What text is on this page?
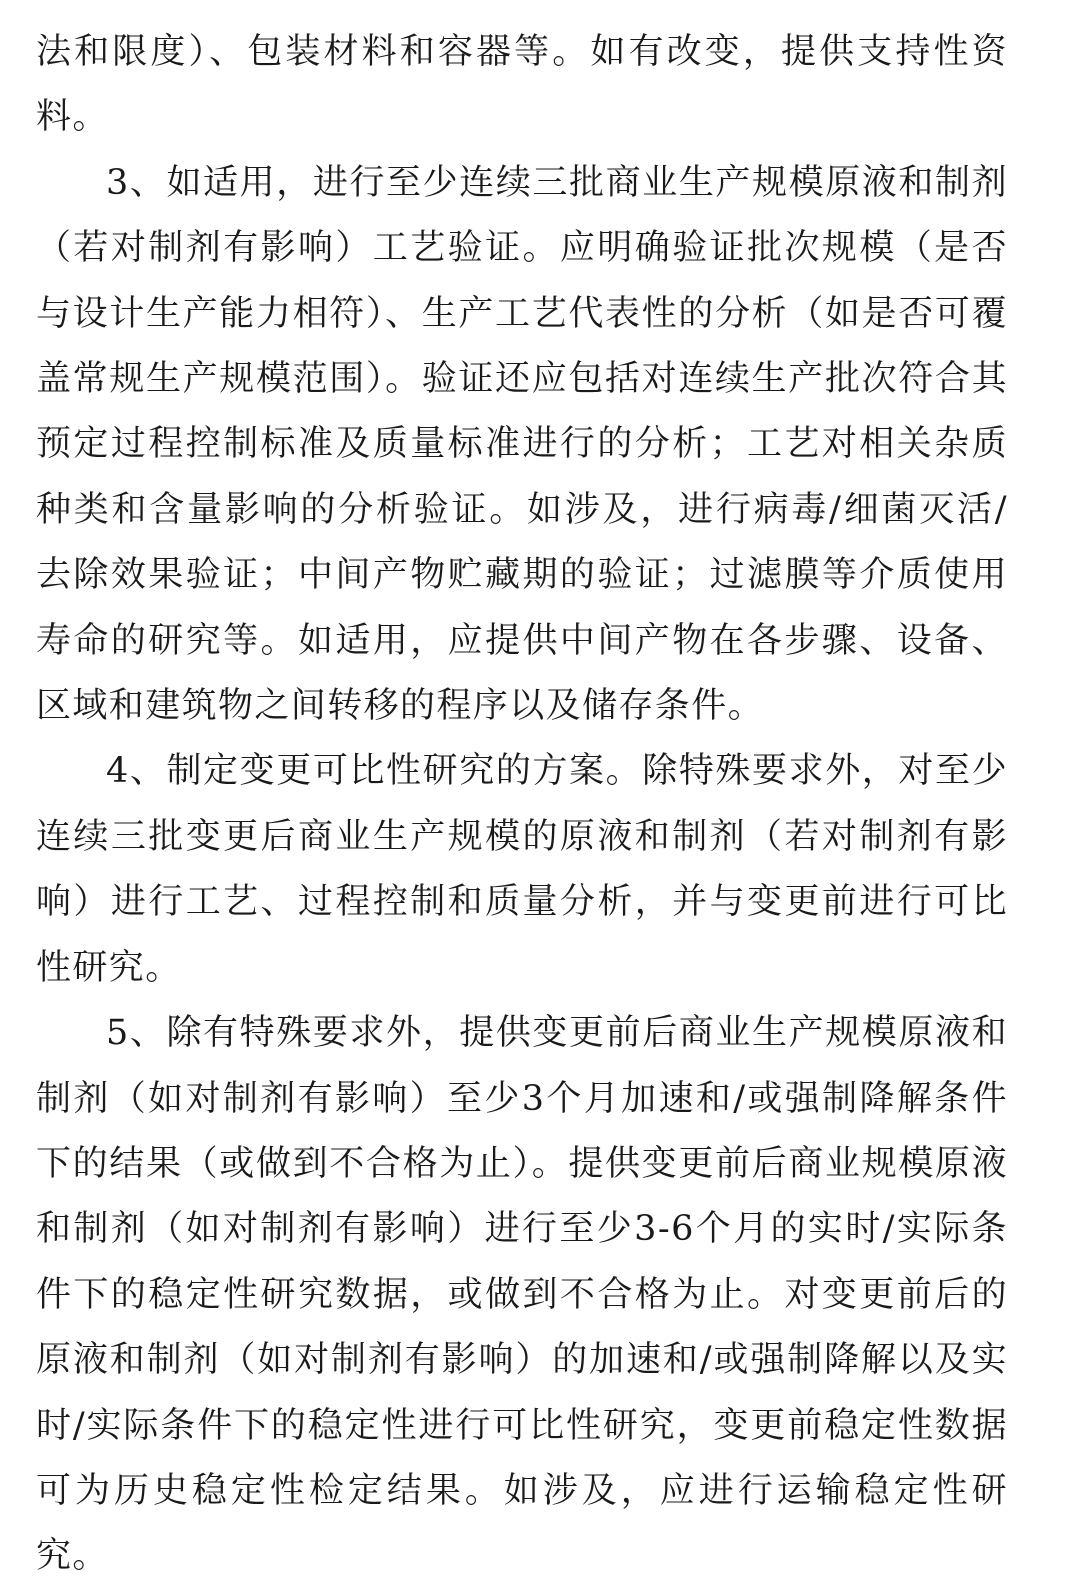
法和限度）、包装材料和容器等。如有改变，提供支持性资料。

3、如适用，进行至少连续三批商业生产规模原液和制剂（若对制剂有影响）工艺验证。应明确验证批次规模（是否与设计生产能力相符）、生产工艺代表性的分析（如是否可覆盖常规生产规模范围）。验证还应包括对连续生产批次符合其预定过程控制标准及质量标准进行的分析；工艺对相关杂质种类和含量影响的分析验证。如涉及，进行病毒/细菌灭活/去除效果验证；中间产物贮藏期的验证；过滤膜等介质使用寿命的研究等。如适用，应提供中间产物在各步骤、设备、区域和建筑物之间转移的程序以及储存条件。

4、制定变更可比性研究的方案。除特殊要求外，对至少连续三批变更后商业生产规模的原液和制剂（若对制剂有影响）进行工艺、过程控制和质量分析，并与变更前进行可比性研究。

5、除有特殊要求外，提供变更前后商业生产规模原液和制剂（如对制剂有影响）至少3个月加速和/或强制降解条件下的结果（或做到不合格为止）。提供变更前后商业规模原液和制剂（如对制剂有影响）进行至少3-6个月的实时/实际条件下的稳定性研究数据，或做到不合格为止。对变更前后的原液和制剂（如对制剂有影响）的加速和/或强制降解以及实时/实际条件下的稳定性进行可比性研究，变更前稳定性数据可为历史稳定性检定结果。如涉及，应进行运输稳定性研究。
